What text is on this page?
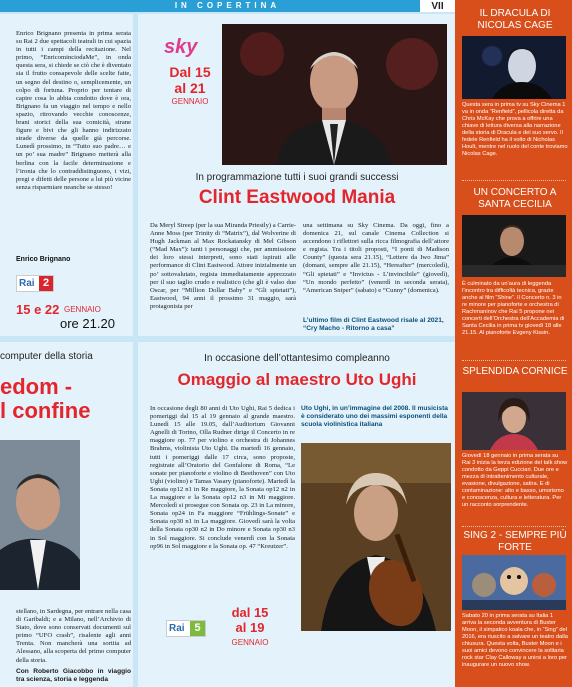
IN COPERTINA	VII
Enrico Brignano presenta in prima serata su Rai 2 due spettacoli teatrali in cui spazia in tutti i campi della recitazione. Nel primo, “EnricominciodaMe”, in onda questa sera, si chiede se ciò che è diventato sia il frutto consapevole delle scelte fatte, un segno del destino o, semplicemente, un colpo di fortuna. Proprio per tentare di capire cosa lo abbia condotto dove è ora, Brignano fa un viaggio nel tempo e nello spazio, ritrovando vecchie conoscenze, brani storici della sua comicità, strane figure e bivi che gli hanno indirizzato strade diverse da quelle già percorse. Lunedì prossimo, in “Tutto suo padre… e un po’ sua madre” Brignano metterà alla berlina con la facile determinazione e l’ironia che lo contraddistinguono, i vizi, pregi e difetti delle persone a lui più vicine senza risparmiare neanche se stesso!
Enrico Brignano
Rai 2
15 e 22 GENNAIO
ore 21.20
sky
Dal 15
al 21
GENNAIO
In programmazione tutti i suoi grandi successi
Clint Eastwood Mania
Da Meryl Streep (per la sua Miranda Priestly) a Carrie-Anne Moss (per Trinity di “Matrix”), dal Wolverine di Hugh Jackman al Max Rockatansky di Mel Gibson (“Mad Max”): tanti i personaggi che, per ammissione dei loro stessi interpreti, sono stati ispirati alle performance di Clint Eastwood. Attore inizialmente un po’ sottovalutato, regista immediatamente apprezzato per il suo taglio crudo e realistico (che gli è valso due Oscar, per “Million Dollar Baby” e “Gli spietati”), Eastwood, 94 anni il prossimo 31 maggio, sarà protagonista per
una settimana su Sky Cinema. Da oggi, fino a domenica 21, sul canale Cinema Collection si accendono i riflettori sulla ricca filmografia dell’attore e regista. Tra i titoli proposti, “I ponti di Madison County” (questa sera 21.15), “Lettere da Iwo Jima” (domani, sempre alle 21.15), “Hereafter” (mercoledì), “Gli spietati” e “Invictus - L’invincibile” (giovedì), “Un mondo perfetto” (venerdì in seconda serata), “American Sniper” (sabato) e “Cunny” (domenica).
L’ultimo film di Clint Eastwood risale al 2021, “Cry Macho - Ritorno a casa”
computer della storia
edom -
l confine
stellano, in Sardegna, per entrare nella casa di Garibaldi; e a Milano, nell’Archivio di Stato, dove sono conservati documenti sul primo “UFO crash”, risalente agli anni Trenta. Non mancherà una sortita ad Alessano, alla scoperta del primo computer della storia.
Con Roberto Giacobbo in viaggio tra scienza, storia e leggenda
In occasione dell’ottantesimo compleanno
Omaggio al maestro Uto Ughi
In occasione degli 80 anni di Uto Ughi, Rai 5 dedica i pomeriggi dal 15 al 19 gennaio al grande maestro. Lunedì 15 alle 19.05, dall’Auditorium Giovanni Agnelli di Torino, Olla Rudner dirige il Concerto in re maggiore op. 77 per violino e orchestra di Johannes Brahms, violinista Uto Ughi. Da martedì 16 gennaio, tutti i pomeriggi dalle 17 circa, sono proposte, registrate all’Oratorio del Gonfalone di Roma, “Le sonate per pianoforte e violino di Beethoven” con Uto Ughi (violino) e Tamas Vasary (pianoforte). Martedì la Sonata op12 n1 in Re maggiore, la Sonata op12 n2 in La maggiore e la Sonata op12 n3 in Mi maggiore. Mercoledì si prosegue con Sonata op. 23 in La minore, Sonata op24 in Fa maggiore “Frühlings-Sonate” e Sonata op30 n1 in La maggiore. Giovedì sarà la volta della Sonata op30 n2 in Do minore e Sonata op30 n3 in Sol maggiore. Si conclude venerdì con la Sonata op96 in Sol maggiore e la Sonata op. 47 “Kreutzer”.
Uto Ughi, in un’immagine del 2008. Il musicista è considerato uno dei massimi esponenti della scuola violinistica italiana
Rai 5
dal 15
al 19
GENNAIO
IL DRACULA DI NICOLAS CAGE
Questa sera in prima tv su Sky Cinema 1 va in onda “Renfield”, pellicola diretta da Chris McKay che prova a offrire una chiave di lettura diversa alla narrazione della storia di Dracula e del suo servo. Il fedele Renfield ha il volto di Nicholas Hoult, mentre nel ruolo del conte troviamo Nicolas Cage.
UN CONCERTO A SANTA CECILIA
È culminato da un’aura di leggenda l’incontro tra difficoltà tecnica, grazie anche al film “Shine”. Il Concerto n. 3 in re minore per pianoforte e orchestra di Rachmaninov che Rai 5 propone nei concerti dell’Orchestra dell’Accademia di Santa Cecilia in prima tv giovedì 18 alle 21.15. Al pianoforte Evgeny Kissin.
SPLENDIDA CORNICE
Giovedì 18 gennaio in prima serata su Rai 3 inizia la terza edizione del talk show condotto da Geppi Cucciari. Due ore e mezza di intrattenimento culturale, evasione, divulgazione, satira. E di contaminazione: alto e basso, umorismo e conoscenza, cultura e letteratura. Per un racconto sorprendente.
SING 2 - SEMPRE PIÙ FORTE
Sabato 20 in prima serata su Italia 1 arriva la seconda avventura di Buster Moon, il simpatico koala che, in “Sing” del 2016, era riuscito a salvare un teatro dalla chiusura. Questa volta, Buster Moon e i suoi amici devono convincere la solitaria rock star Clay Calloway a unirsi a loro per inaugurare un nuovo show.
